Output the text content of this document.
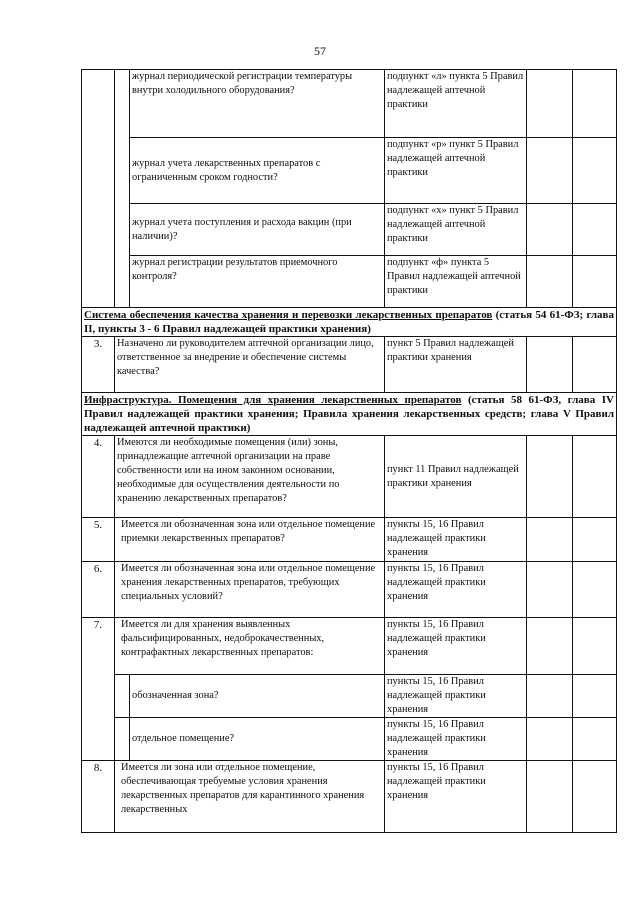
57
		журнал периодической регистрации температуры внутри холодильного оборудования?	подпункт «л» пункта 5 Правил надлежащей аптечной практики		
		журнал учета лекарственных препаратов с ограниченным сроком годности?	подпункт «р» пункт 5 Правил надлежащей аптечной практики		
		журнал учета поступления и расхода вакцин (при наличии)?	подпункт «х» пункт 5 Правил надлежащей аптечной практики		
		журнал регистрации результатов приемочного контроля?	подпункт «ф» пункта 5 Правил надлежащей аптечной практики		
Система обеспечения качества хранения и перевозки лекарственных препаратов (статья 54 61-ФЗ; глава II, пункты 3 - 6 Правил надлежащей практики хранения)					
3.	Назначено ли руководителем аптечной организации лицо, ответственное за внедрение и обеспечение системы качества?		пункт 5 Правил надлежащей практики хранения		
Инфраструктура. Помещения для хранения лекарственных препаратов (статья 58 61-ФЗ, глава IV Правил надлежащей практики хранения; Правила хранения лекарственных средств; глава V Правил надлежащей аптечной практики)					
4.	Имеются ли необходимые помещения (или) зоны, принадлежащие аптечной организации на праве собственности или на ином законном основании, необходимые для осуществления деятельности по хранению лекарственных препаратов?		пункт 11 Правил надлежащей практики хранения		
5.	Имеется ли обозначенная зона или отдельное помещение приемки лекарственных препаратов?		пункты 15, 16 Правил надлежащей практики хранения		
6.	Имеется ли обозначенная зона или отдельное помещение хранения лекарственных препаратов, требующих специальных условий?		пункты 15, 16 Правил надлежащей практики хранения		
7.	Имеется ли для хранения выявленных фальсифицированных, недоброкачественных, контрафактных лекарственных препаратов:		пункты 15, 16 Правил надлежащей практики хранения		
		обозначенная зона?	пункты 15, 16 Правил надлежащей практики хранения		
		отдельное помещение?	пункты 15, 16 Правил надлежащей практики хранения		
8.	Имеется ли зона или отдельное помещение, обеспечивающая требуемые условия хранения лекарственных препаратов для карантинного хранения лекарственных		пункты 15, 16 Правил надлежащей практики хранения		
